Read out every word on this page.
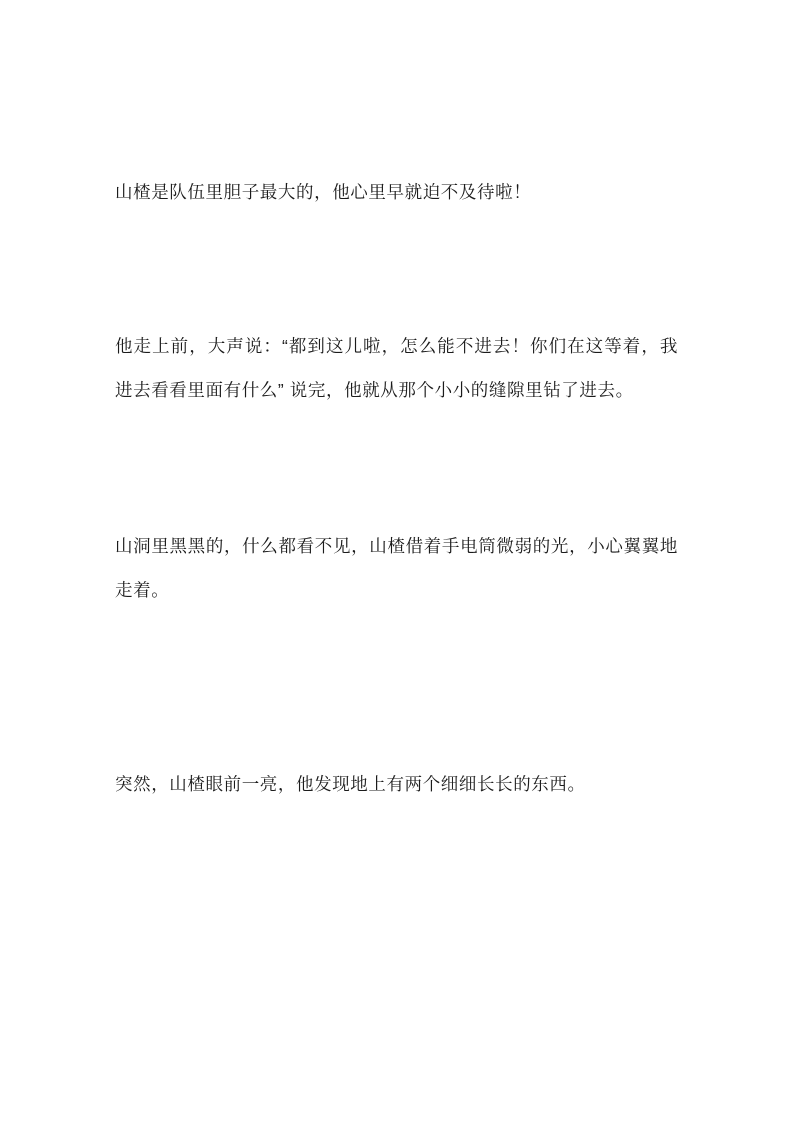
山楂是队伍里胆子最大的，他心里早就迫不及待啦！

他走上前，大声说：“都到这儿啦，怎么能不进去！你们在这等着，我进去看看里面有什么” 说完，他就从那个小小的缝隙里钻了进去。

山洞里黑黑的，什么都看不见，山楂借着手电筒微弱的光，小心翼翼地走着。

突然，山楂眼前一亮，他发现地上有两个细细长长的东西。
